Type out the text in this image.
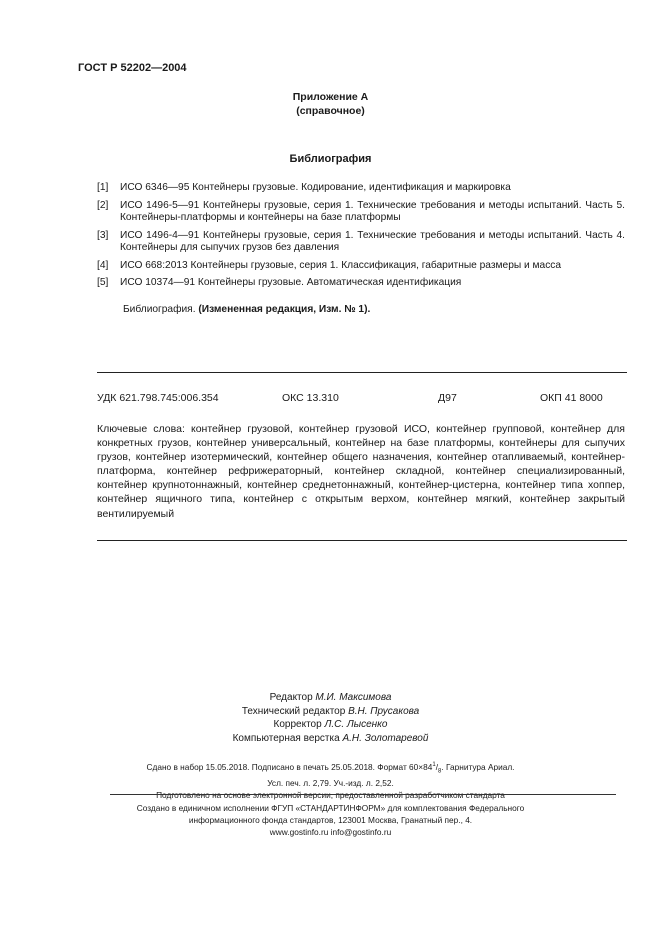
ГОСТ Р 52202—2004
Приложение А
(справочное)
Библиография
[1]	ИСО 6346—95 Контейнеры грузовые. Кодирование, идентификация и маркировка
[2]	ИСО 1496-5—91 Контейнеры грузовые, серия 1. Технические требования и методы испытаний. Часть 5. Контейнеры-платформы и контейнеры на базе платформы
[3]	ИСО 1496-4—91 Контейнеры грузовые, серия 1. Технические требования и методы испытаний. Часть 4. Контейнеры для сыпучих грузов без давления
[4]	ИСО 668:2013 Контейнеры грузовые, серия 1. Классификация, габаритные размеры и масса
[5]	ИСО 10374—91 Контейнеры грузовые. Автоматическая идентификация
Библиография. (Измененная редакция, Изм. № 1).
УДК 621.798.745:006.354	ОКС 13.310	Д97	ОКП 41 8000
Ключевые слова: контейнер грузовой, контейнер грузовой ИСО, контейнер групповой, контейнер для конкретных грузов, контейнер универсальный, контейнер на базе платформы, контейнеры для сыпучих грузов, контейнер изотермический, контейнер общего назначения, контейнер отапливаемый, контейнер-платформа, контейнер рефрижераторный, контейнер складной, контейнер специализированный, контейнер крупнотоннажный, контейнер среднетоннажный, контейнер-цистерна, контейнер типа хоппер, контейнер ящичного типа, контейнер с открытым верхом, контейнер мягкий, контейнер закрытый вентилируемый
Редактор М.И. Максимова
Технический редактор В.Н. Прусакова
Корректор Л.С. Лысенко
Компьютерная верстка А.Н. Золотаревой
Сдано в набор 15.05.2018. Подписано в печать 25.05.2018. Формат $60\times 84^1/_8$. Гарнитура Ариал.
Усл. печ. л. 2,79. Уч.-изд. л. 2,52.
Подготовлено на основе электронной версии, предоставленной разработчиком стандарта
Создано в единичном исполнении ФГУП «СТАНДАРТИНФОРМ» для комплектования Федерального
информационного фонда стандартов, 123001 Москва, Гранатный пер., 4.
www.gostinfo.ru info@gostinfo.ru
